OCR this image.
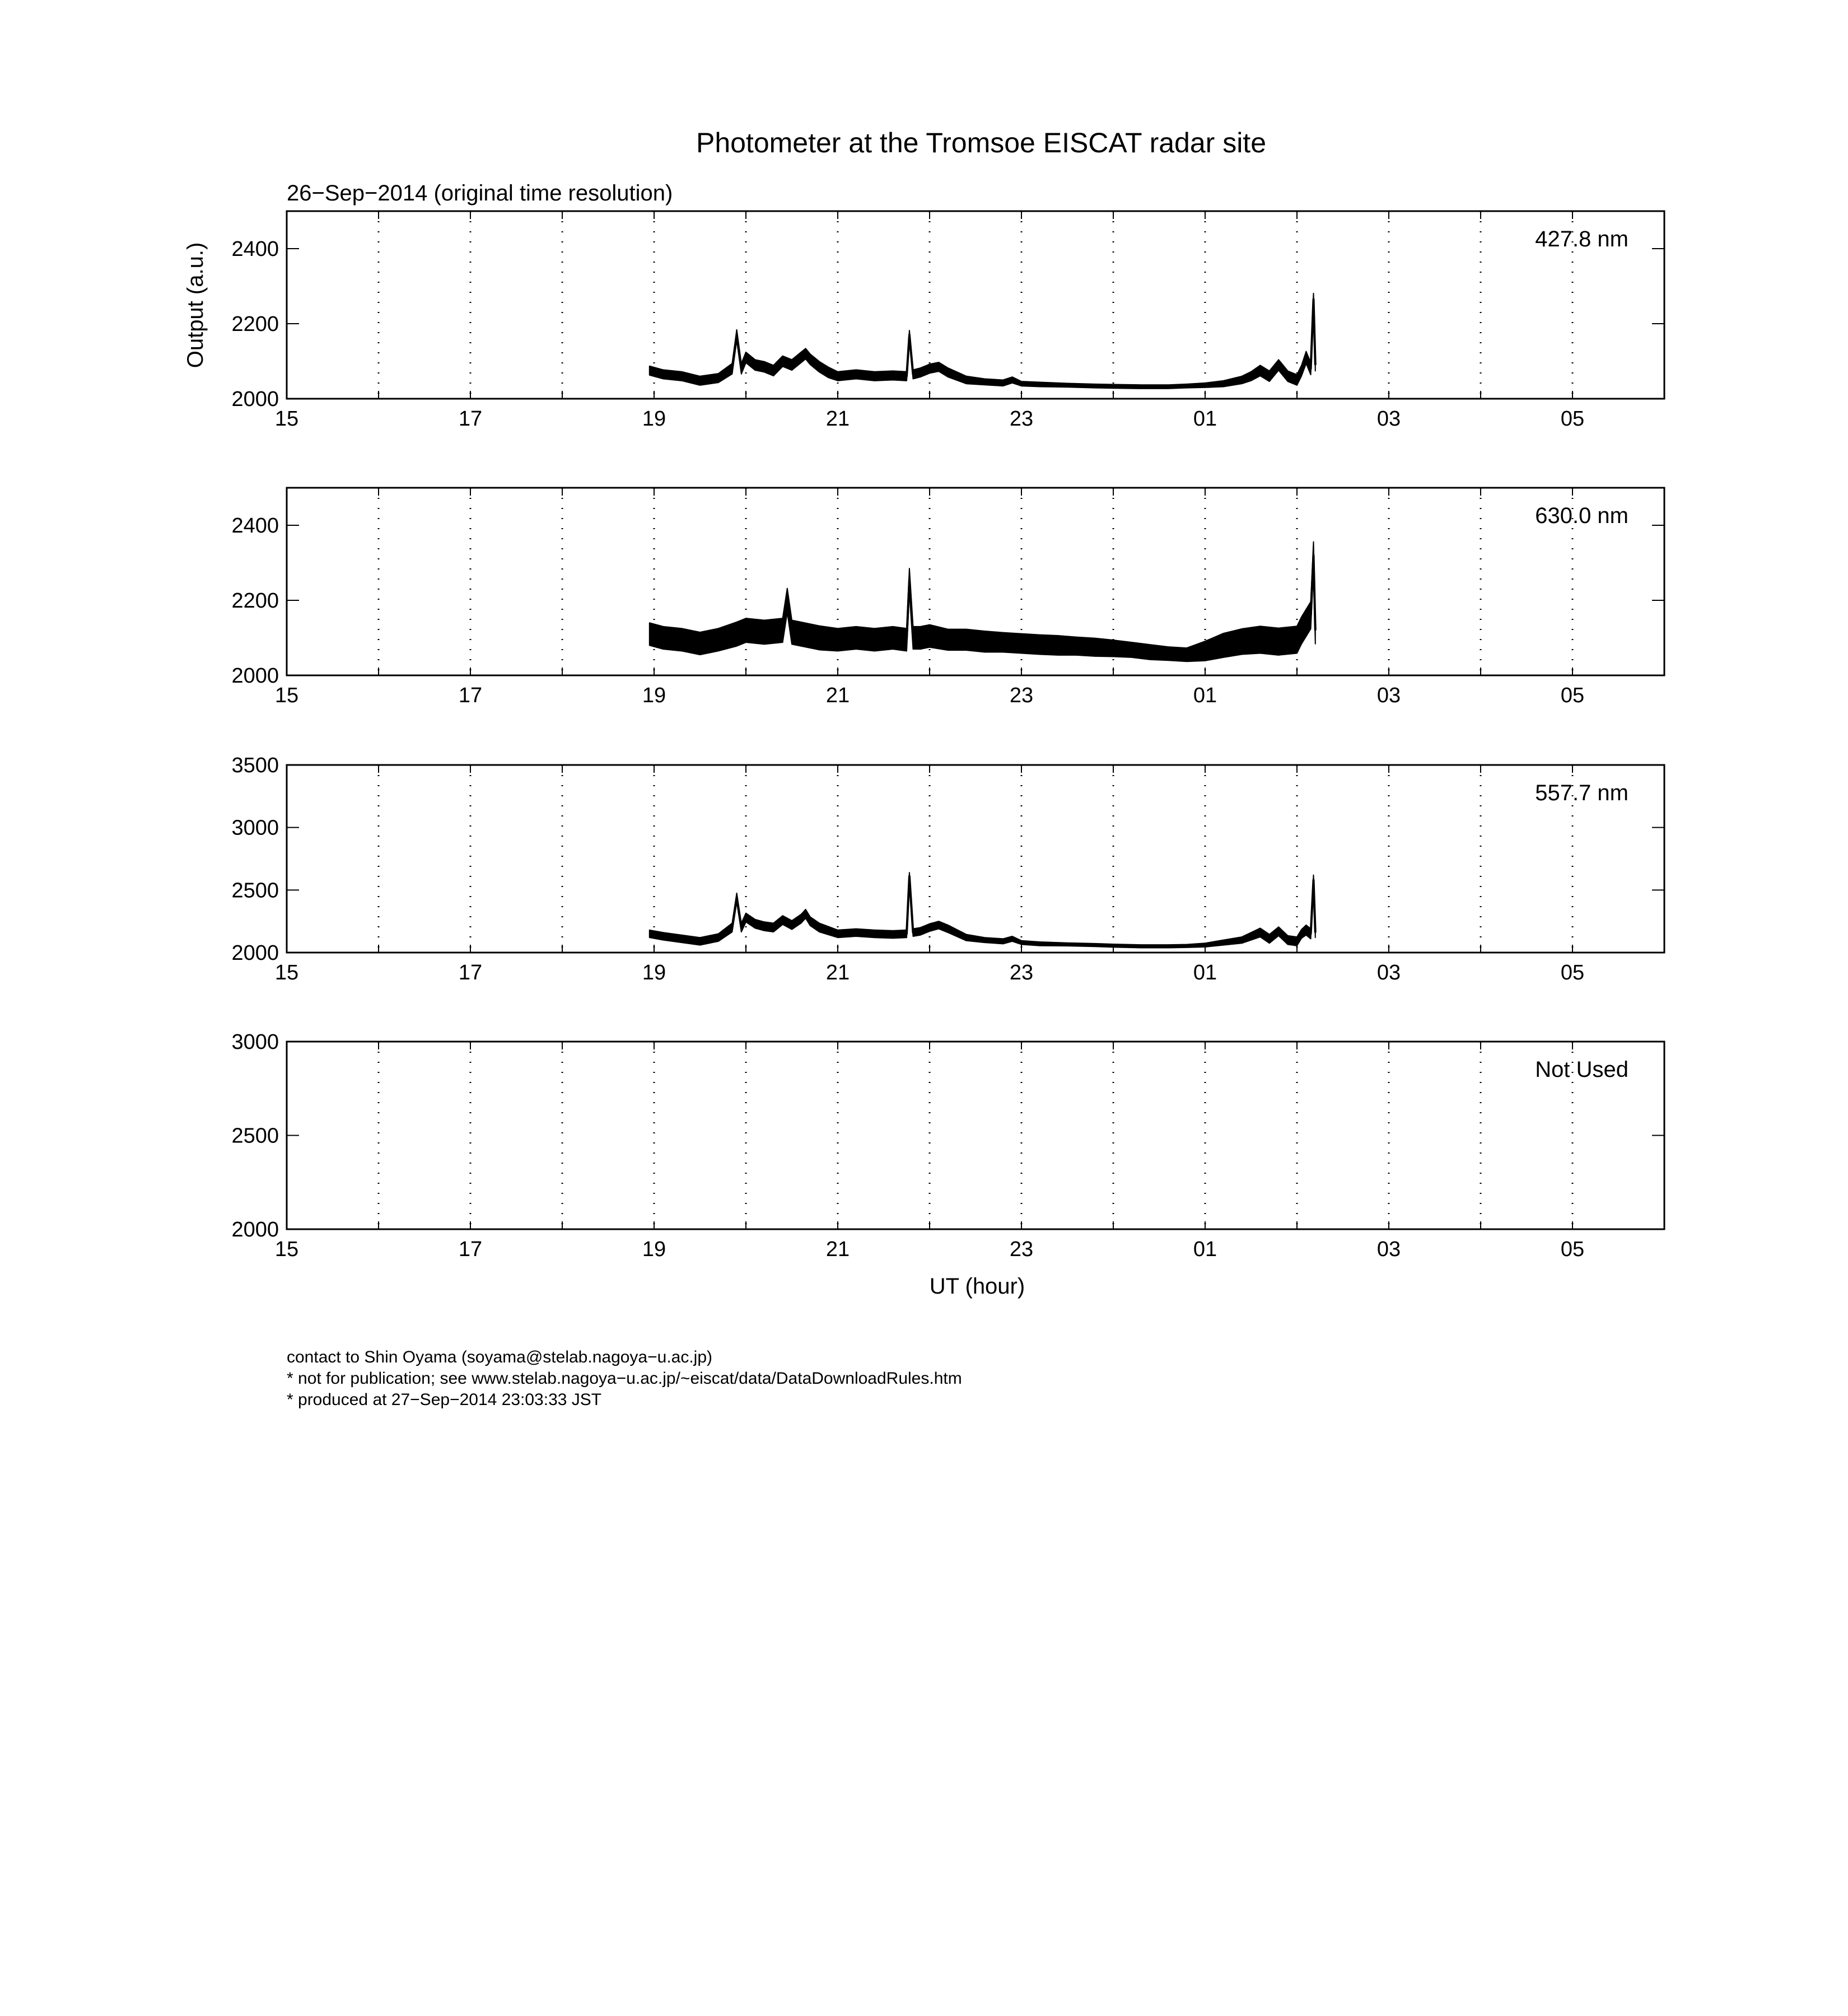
Photometer at the Tromsoe EISCAT radar site
26−Sep−2014 (original time resolution)
Output (a.u.)
UT (hour)
15	17	19	21	23	01	03	05
2000
2200
2400	427.8 nm
15	17	19	21	23	01	03	05
2000
2200
2400	630.0 nm
15	17	19	21	23	01	03	05
2000
2500
3000
3500
557.7 nm
15	17	19	21	23	01	03	05
2000
2500
3000
Not Used
contact to Shin Oyama (soyama@stelab.nagoya−u.ac.jp)
* not for publication; see www.stelab.nagoya−u.ac.jp/~eiscat/data/DataDownloadRules.htm
* produced at 27−Sep−2014 23:03:33 JST
